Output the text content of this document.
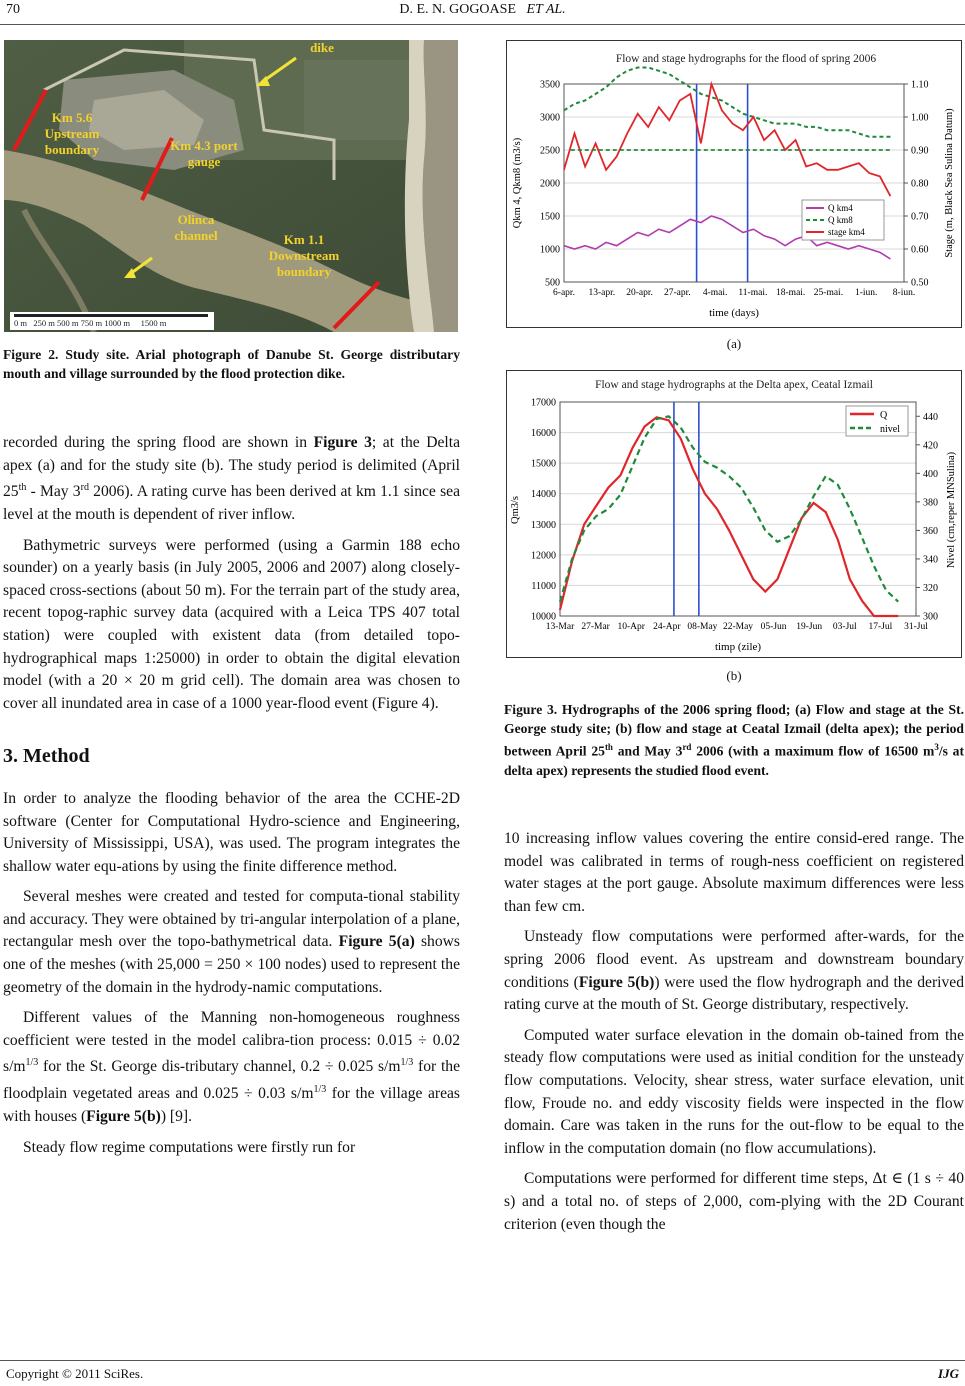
70	D. E. N. GOGOASE ET AL.
dike
Km 5.6
Upstream
boundary	Km 4.3 port
gauge
Olinca
channel	Km 1.1
Downstream
boundary
0 m 250 m 500 m 750 m 1000 m 1500 m
Figure 2. Study site. Arial photograph of Danube St. George distributary mouth and village surrounded by the flood protection dike.

recorded during the spring flood are shown in Figure 3; at the Delta apex (a) and for the study site (b). The study period is delimited (April 25th - May 3rd 2006). A rating curve has been derived at km 1.1 since sea level at the mouth is dependent of river inflow.

Bathymetric surveys were performed (using a Garmin 188 echo sounder) on a yearly basis (in July 2005, 2006 and 2007) along closely-spaced cross-sections (about 50 m). For the terrain part of the study area, recent topog-raphic survey data (acquired with a Leica TPS 407 total station) were coupled with existent data (from detailed topo-hydrographical maps 1:25000) in order to obtain the digital elevation model (with a 20 × 20 m grid cell). The domain area was chosen to cover all inundated area in case of a 1000 year-flood event (Figure 4).

3. Method

In order to analyze the flooding behavior of the area the CCHE-2D software (Center for Computational Hydro-science and Engineering, University of Mississippi, USA), was used. The program integrates the shallow water equ-ations by using the finite difference method.

Several meshes were created and tested for computa-tional stability and accuracy. They were obtained by tri-angular interpolation of a plane, rectangular mesh over the topo-bathymetrical data. Figure 5(a) shows one of the meshes (with 25,000 = 250 × 100 nodes) used to represent the geometry of the domain in the hydrody-namic computations.

Different values of the Manning non-homogeneous roughness coefficient were tested in the model calibra-tion process: 0.015 ÷ 0.02 $s/m^{1/3}$ for the St. George dis-tributary channel, 0.2 ÷ 0.025 $s/m^{1/3}$ for the floodplain vegetated areas and 0.025 ÷ 0.03 $s/m^{1/3}$ for the village areas with houses (Figure 5(b)) [9].

Steady flow regime computations were firstly run for

Flow and stage hydrographs for the flood of spring 2006
500
1000
1500
2000
2500
3000
3500
0.50
0.60
0.70
0.80
0.90
1.00
1.10
6-apr. 13-apr. 20-apr. 27-apr. 4-mai. 11-mai. 18-mai. 25-mai. 1-iun. 8-iun.
time (days)
Qkm 4, Qkm8 (m3/s)	Stage (m, Black Sea Sulina Datum)
Q km4
Q km8
stage km4
(a)
Flow and stage hydrographs at the Delta apex, Ceatal Izmail
10000
11000
12000
13000
14000
15000
16000
17000
300
320
340
360
380
400
420
440
13-Mar 27-Mar 10-Apr 24-Apr 08-May 22-May 05-Jun 19-Jun 03-Jul 17-Jul 31-Jul
timp (zile)
Qm3/s	Nivel (cm,reper MNSulina)
Q
nivel
(b)
Figure 3. Hydrographs of the 2006 spring flood; (a) Flow and stage at the St. George study site; (b) flow and stage at Ceatal Izmail (delta apex); the period between April 25th and May 3rd 2006 (with a maximum flow of 16500 $m^3/s$ at delta apex) represents the studied flood event.

10 increasing inflow values covering the entire consid-ered range. The model was calibrated in terms of rough-ness coefficient on registered water stages at the port gauge. Absolute maximum differences were less than few cm.

Unsteady flow computations were performed after-wards, for the spring 2006 flood event. As upstream and downstream boundary conditions (Figure 5(b)) were used the flow hydrograph and the derived rating curve at the mouth of St. George distributary, respectively.

Computed water surface elevation in the domain ob-tained from the steady flow computations were used as initial condition for the unsteady flow computations. Velocity, shear stress, water surface elevation, unit flow, Froude no. and eddy viscosity fields were inspected in the flow domain. Care was taken in the runs for the out-flow to be equal to the inflow in the computation domain (no flow accumulations).

Computations were performed for different time steps, Δt ∈ (1 s ÷ 40 s) and a total no. of steps of 2,000, com-plying with the 2D Courant criterion (even though the

Copyright © 2011 SciRes.	IJG
